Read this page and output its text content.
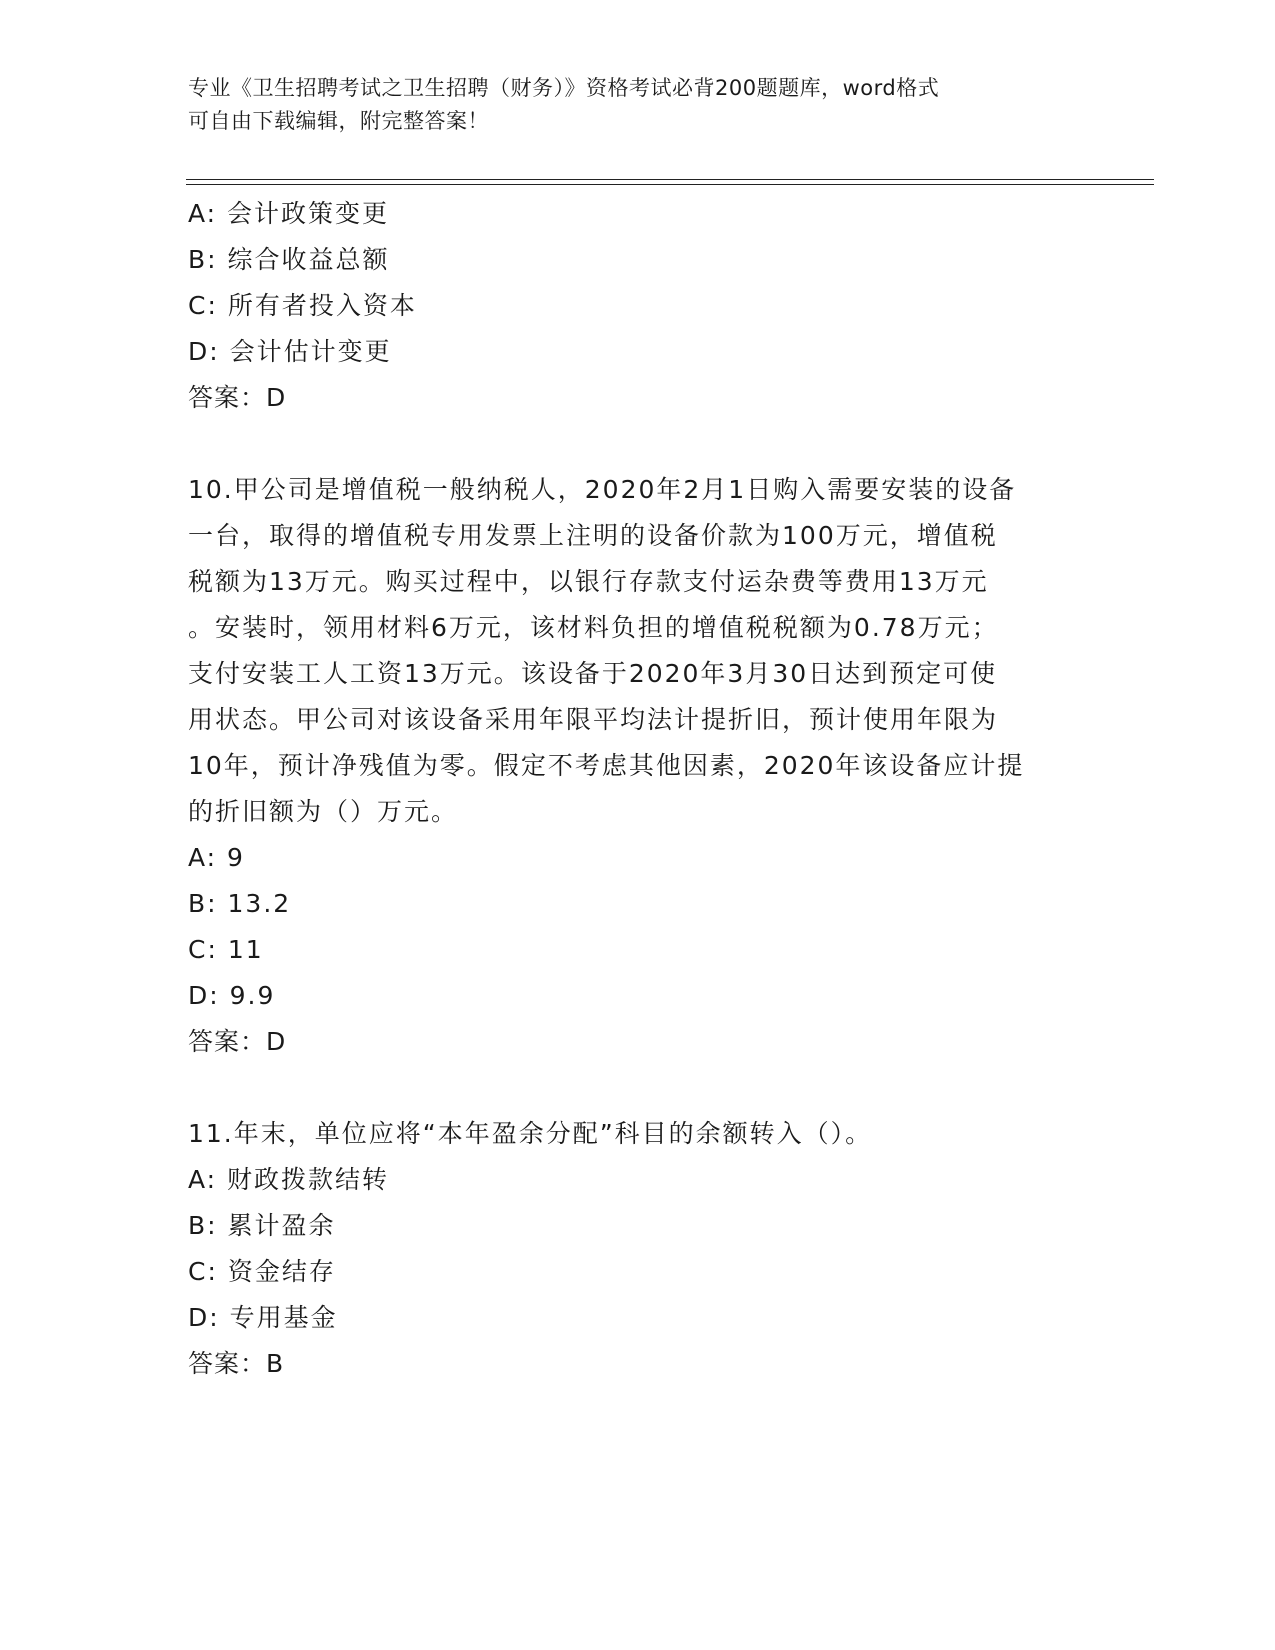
专业《卫生招聘考试之卫生招聘（财务）》资格考试必背200题题库，word格式
可自由下载编辑，附完整答案！
A: 会计政策变更
B: 综合收益总额
C: 所有者投入资本
D: 会计估计变更
答案：D
10.甲公司是增值税一般纳税人，2020年2月1日购入需要安装的设备
一台，取得的增值税专用发票上注明的设备价款为100万元，增值税
税额为13万元。购买过程中，以银行存款支付运杂费等费用13万元
。安装时，领用材料6万元，该材料负担的增值税税额为0.78万元；
支付安装工人工资13万元。该设备于2020年3月30日达到预定可使
用状态。甲公司对该设备采用年限平均法计提折旧，预计使用年限为
10年，预计净残值为零。假定不考虑其他因素，2020年该设备应计提
的折旧额为（）万元。
A: 9
B: 13.2
C: 11
D: 9.9
答案：D
11.年末，单位应将“本年盈余分配”科目的余额转入（）。
A: 财政拨款结转
B: 累计盈余
C: 资金结存
D: 专用基金
答案：B
